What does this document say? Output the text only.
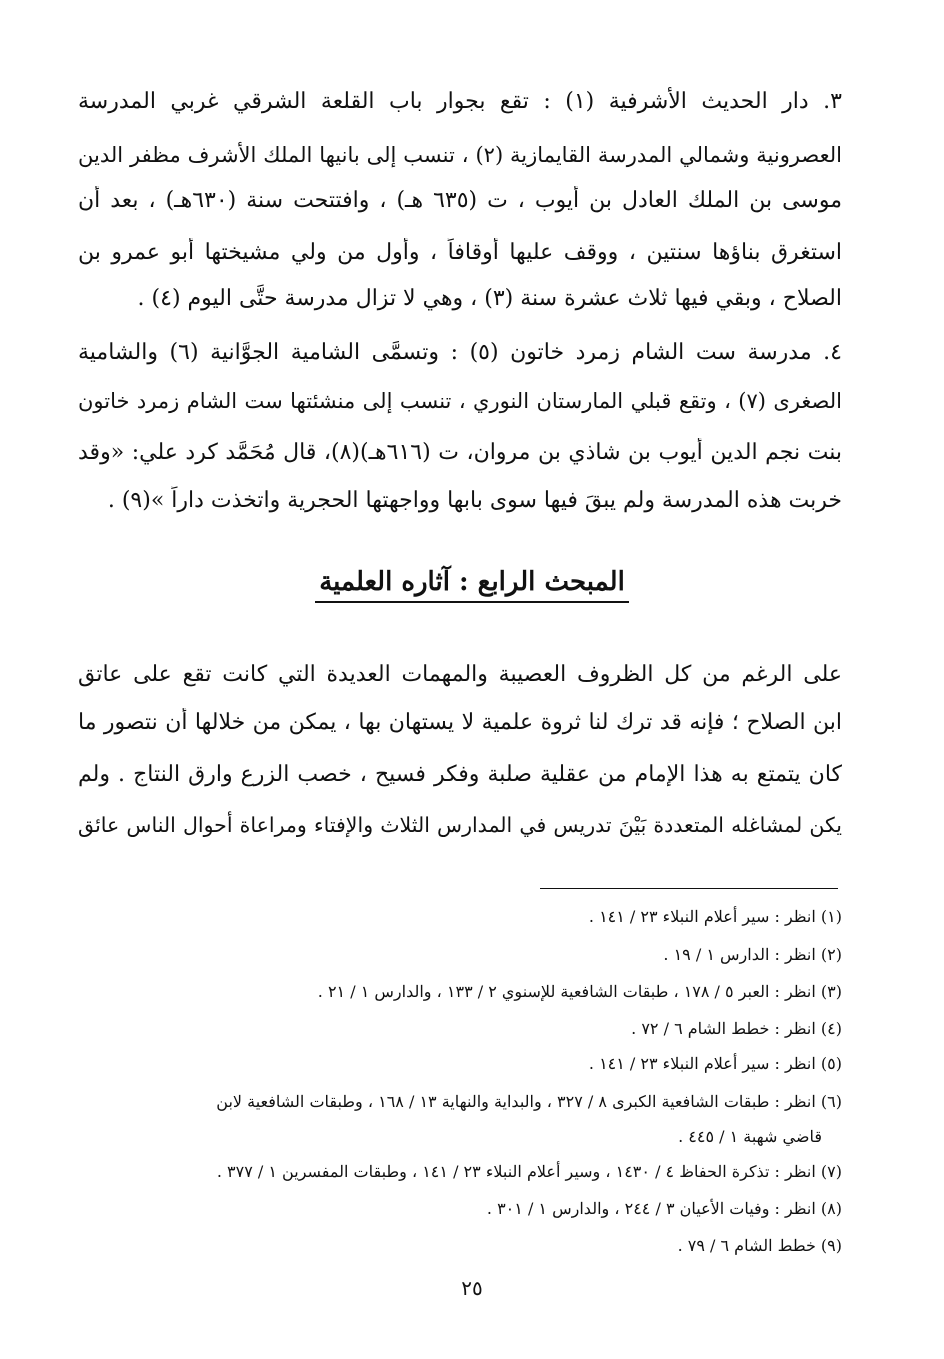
٣. دار الحديث الأشرفية (١) : تقع بجوار باب القلعة الشرقي غربي المدرسة
العصرونية وشمالي المدرسة القايمازية (٢) ، تنسب إلى بانيها الملك الأشرف مظفر الدين
موسى بن الملك العادل بن أيوب ، ت (٦٣٥ هـ) ، وافتتحت سنة (٦٣٠هـ) ، بعد أن
استغرق بناؤها سنتين ، ووقف عليها أوقافاً ، وأول من ولي مشيختها أبو عمرو بن
الصلاح ، وبقي فيها ثلاث عشرة سنة (٣) ، وهي لا تزال مدرسة حتَّى اليوم (٤) .
٤. مدرسة ست الشام زمرد خاتون (٥) : وتسمَّى الشامية الجوَّانية (٦) والشامية
الصغرى (٧) ، وتقع قبلي المارستان النوري ، تنسب إلى منشئتها ست الشام زمرد خاتون
بنت نجم الدين أيوب بن شاذي بن مروان، ت (٦١٦هـ)(٨)، قال مُحَمَّد كرد علي: «وقد
خربت هذه المدرسة ولم يبقَ فيها سوى بابها وواجهتها الحجرية واتخذت داراً »(٩) .
المبحث الرابع : آثاره العلمية
على الرغم من كل الظروف العصيبة والمهمات العديدة التي كانت تقع على عاتق
ابن الصلاح ؛ فإنه قد ترك لنا ثروة علمية لا يستهان بها ، يمكن من خلالها أن نتصور ما
كان يتمتع به هذا الإمام من عقلية صلبة وفكر فسيح ، خصب الزرع وارق النتاج . ولم
يكن لمشاغله المتعددة بَيْنَ تدريس في المدارس الثلاث والإفتاء ومراعاة أحوال الناس عائق
(١) انظر : سير أعلام النبلاء ٢٣ / ١٤١ .
(٢) انظر : الدارس ١ / ١٩ .
(٣) انظر : العبر ٥ / ١٧٨ ، طبقات الشافعية للإسنوي ٢ / ١٣٣ ، والدارس ١ / ٢١ .
(٤) انظر : خطط الشام ٦ / ٧٢ .
(٥) انظر : سير أعلام النبلاء ٢٣ / ١٤١ .
(٦) انظر : طبقات الشافعية الكبرى ٨ / ٣٢٧ ، والبداية والنهاية ١٣ / ١٦٨ ، وطبقات الشافعية لابن
قاضي شهبة ١ / ٤٤٥ .
(٧) انظر : تذكرة الحفاظ ٤ / ١٤٣٠ ، وسير أعلام النبلاء ٢٣ / ١٤١ ، وطبقات المفسرين ١ / ٣٧٧ .
(٨) انظر : وفيات الأعيان ٣ / ٢٤٤ ، والدارس ١ / ٣٠١ .
(٩) خطط الشام ٦ / ٧٩ .
٢٥
